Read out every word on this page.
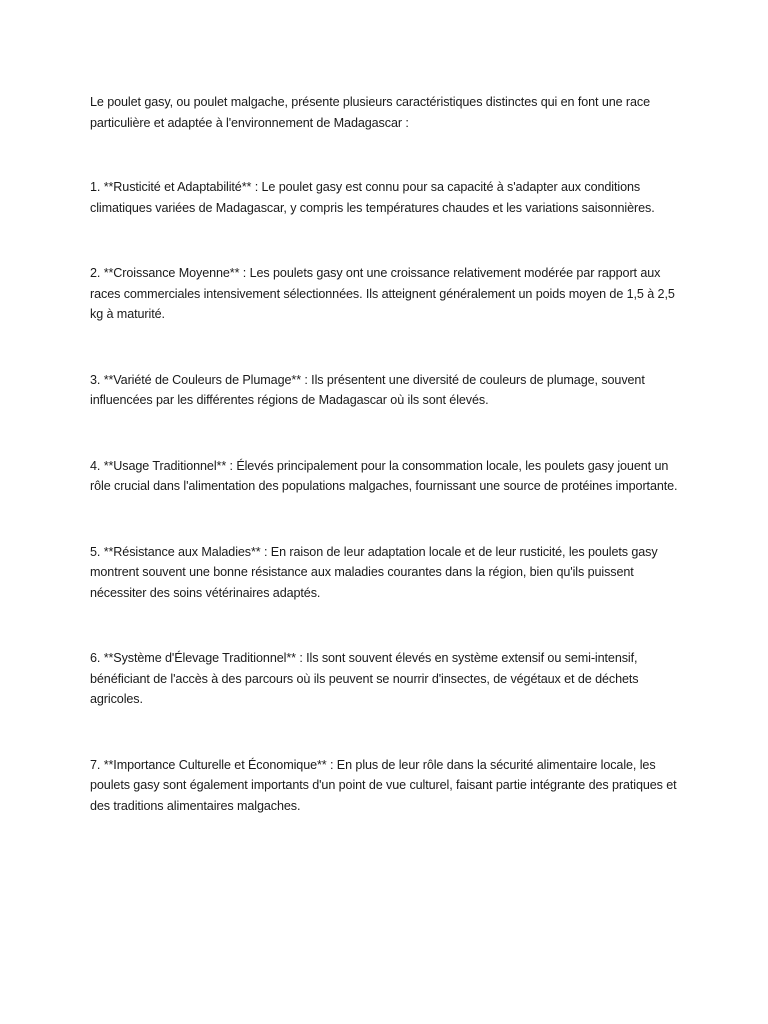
Le poulet gasy, ou poulet malgache, présente plusieurs caractéristiques distinctes qui en font une race particulière et adaptée à l'environnement de Madagascar :

1. **Rusticité et Adaptabilité** : Le poulet gasy est connu pour sa capacité à s'adapter aux conditions climatiques variées de Madagascar, y compris les températures chaudes et les variations saisonnières.

2. **Croissance Moyenne** : Les poulets gasy ont une croissance relativement modérée par rapport aux races commerciales intensivement sélectionnées. Ils atteignent généralement un poids moyen de 1,5 à 2,5 kg à maturité.

3. **Variété de Couleurs de Plumage** : Ils présentent une diversité de couleurs de plumage, souvent influencées par les différentes régions de Madagascar où ils sont élevés.

4. **Usage Traditionnel** : Élevés principalement pour la consommation locale, les poulets gasy jouent un rôle crucial dans l'alimentation des populations malgaches, fournissant une source de protéines importante.

5. **Résistance aux Maladies** : En raison de leur adaptation locale et de leur rusticité, les poulets gasy montrent souvent une bonne résistance aux maladies courantes dans la région, bien qu'ils puissent nécessiter des soins vétérinaires adaptés.

6. **Système d'Élevage Traditionnel** : Ils sont souvent élevés en système extensif ou semi-intensif, bénéficiant de l'accès à des parcours où ils peuvent se nourrir d'insectes, de végétaux et de déchets agricoles.

7. **Importance Culturelle et Économique** : En plus de leur rôle dans la sécurité alimentaire locale, les poulets gasy sont également importants d'un point de vue culturel, faisant partie intégrante des pratiques et des traditions alimentaires malgaches.
